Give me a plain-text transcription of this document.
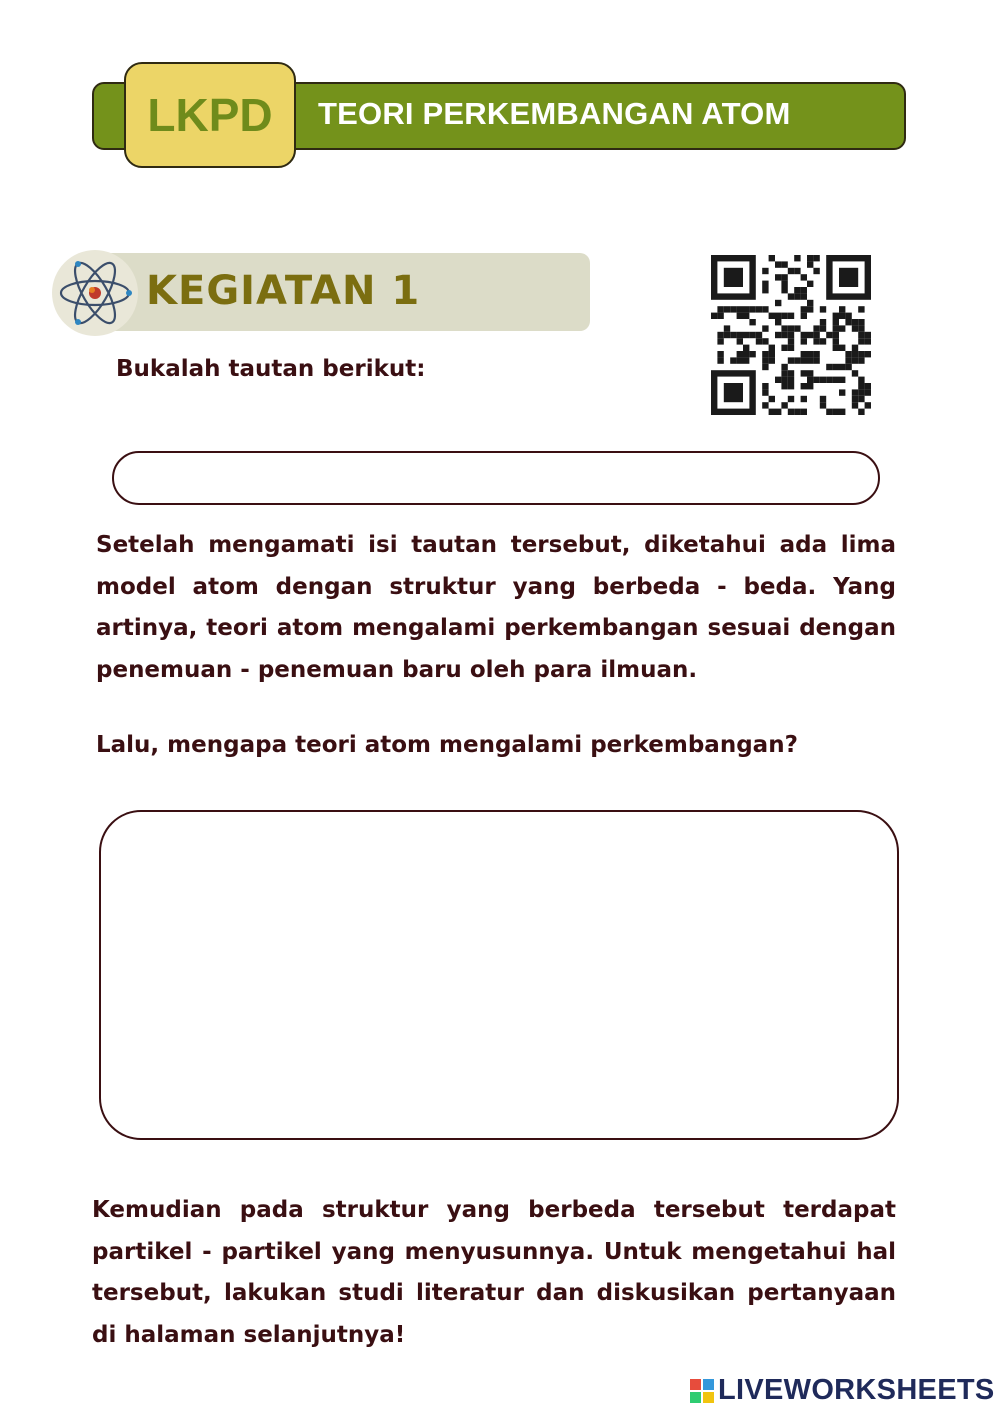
TEORI PERKEMBANGAN ATOM
LKPD
KEGIATAN 1
Bukalah tautan berikut:
Setelah mengamati isi tautan tersebut, diketahui ada lima model atom dengan struktur yang berbeda - beda. Yang artinya, teori atom mengalami perkembangan sesuai dengan penemuan - penemuan baru oleh para ilmuan.
Lalu, mengapa teori atom mengalami perkembangan?
Kemudian pada struktur yang berbeda tersebut terdapat partikel - partikel yang menyusunnya. Untuk mengetahui hal tersebut, lakukan studi literatur dan diskusikan pertanyaan di halaman selanjutnya!
LIVEWORKSHEETS
